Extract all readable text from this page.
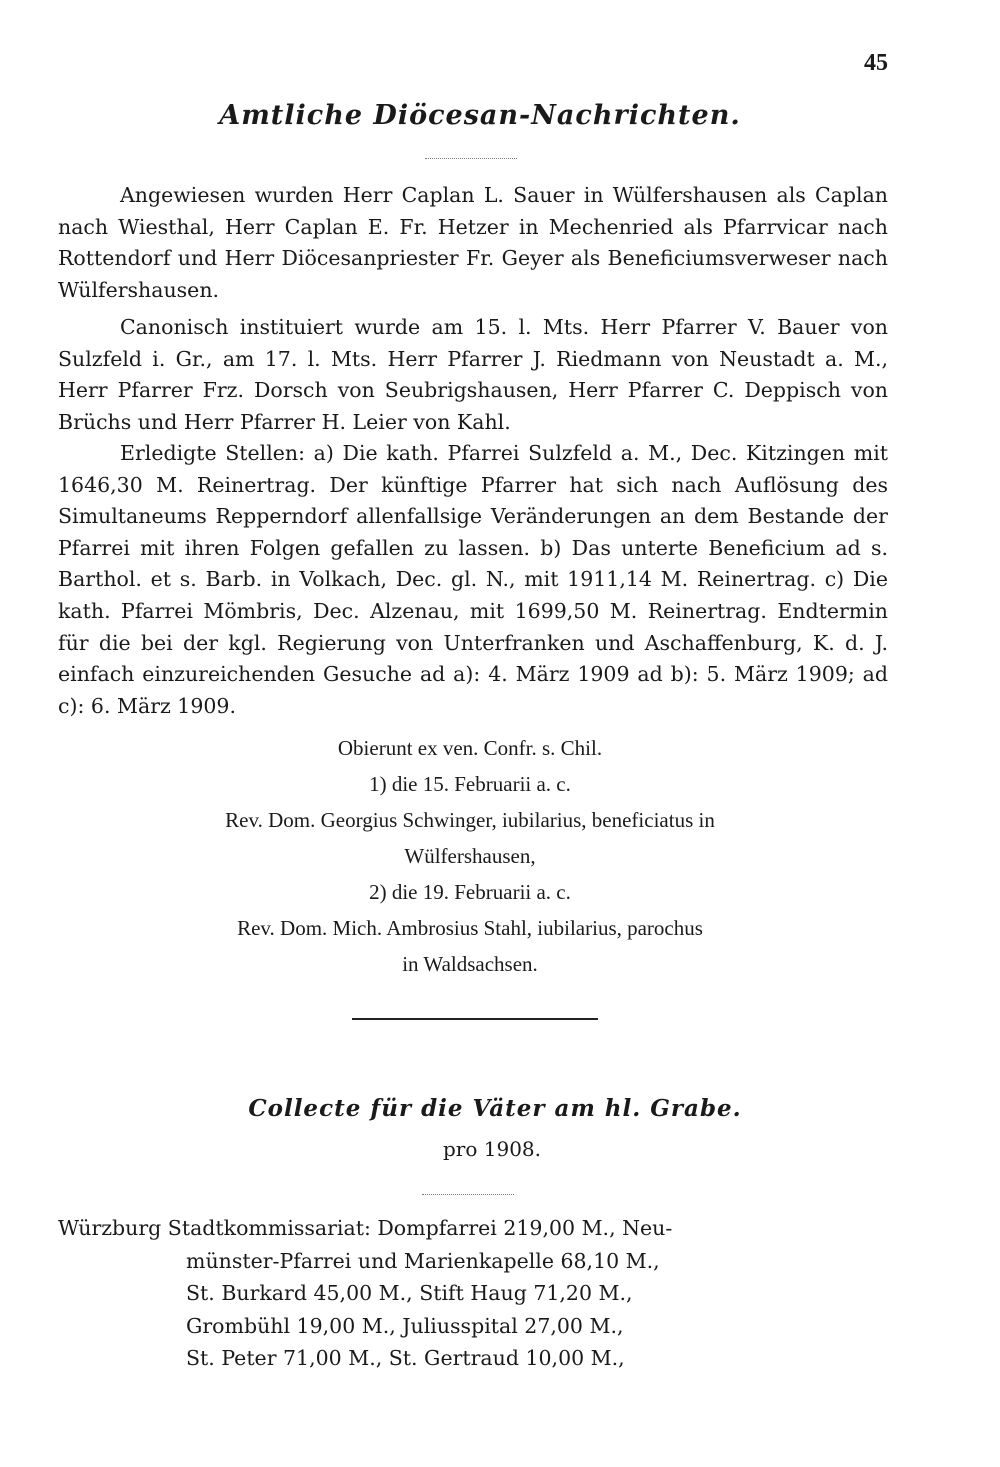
45
Amtliche Diöcesan-Nachrichten.

Angewiesen wurden Herr Caplan L. Sauer in Wülfershausen als Caplan nach Wiesthal, Herr Caplan E. Fr. Hetzer in Mechenried als Pfarrvicar nach Rottendorf und Herr Diöcesanpriester Fr. Geyer als Beneficiumsverweser nach Wülfershausen.

Canonisch instituiert wurde am 15. l. Mts. Herr Pfarrer V. Bauer von Sulzfeld i. Gr., am 17. l. Mts. Herr Pfarrer J. Riedmann von Neustadt a. M., Herr Pfarrer Frz. Dorsch von Seubrigshausen, Herr Pfarrer C. Deppisch von Brüchs und Herr Pfarrer H. Leier von Kahl.

Erledigte Stellen: a) Die kath. Pfarrei Sulzfeld a. M., Dec. Kitzingen mit 1646,30 M. Reinertrag. Der künftige Pfarrer hat sich nach Auflösung des Simultaneums Repperndorf allenfallsige Veränderungen an dem Bestande der Pfarrei mit ihren Folgen gefallen zu lassen. b) Das unterte Beneficium ad s. Barthol. et s. Barb. in Volkach, Dec. gl. N., mit 1911,14 M. Reinertrag. c) Die kath. Pfarrei Mömbris, Dec. Alzenau, mit 1699,50 M. Reinertrag. Endtermin für die bei der kgl. Regierung von Unterfranken und Aschaffenburg, K. d. J. einfach einzureichenden Gesuche ad a): 4. März 1909 ad b): 5. März 1909; ad c): 6. März 1909.

Obierunt ex ven. Confr. s. Chil.
1) die 15. Februarii a. c.
Rev. Dom. Georgius Schwinger, iubilarius, beneficiatus in
Wülfershausen,
2) die 19. Februarii a. c.
Rev. Dom. Mich. Ambrosius Stahl, iubilarius, parochus
in Waldsachsen.
Collecte für die Väter am hl. Grabe.
pro 1908.
Würzburg Stadtkommissariat: Dompfarrei 219,00 M., Neu-
münster-Pfarrei und Marienkapelle 68,10 M.,
St. Burkard 45,00 M., Stift Haug 71,20 M.,
Grombühl 19,00 M., Juliusspital 27,00 M.,
St. Peter 71,00 M., St. Gertraud 10,00 M.,
